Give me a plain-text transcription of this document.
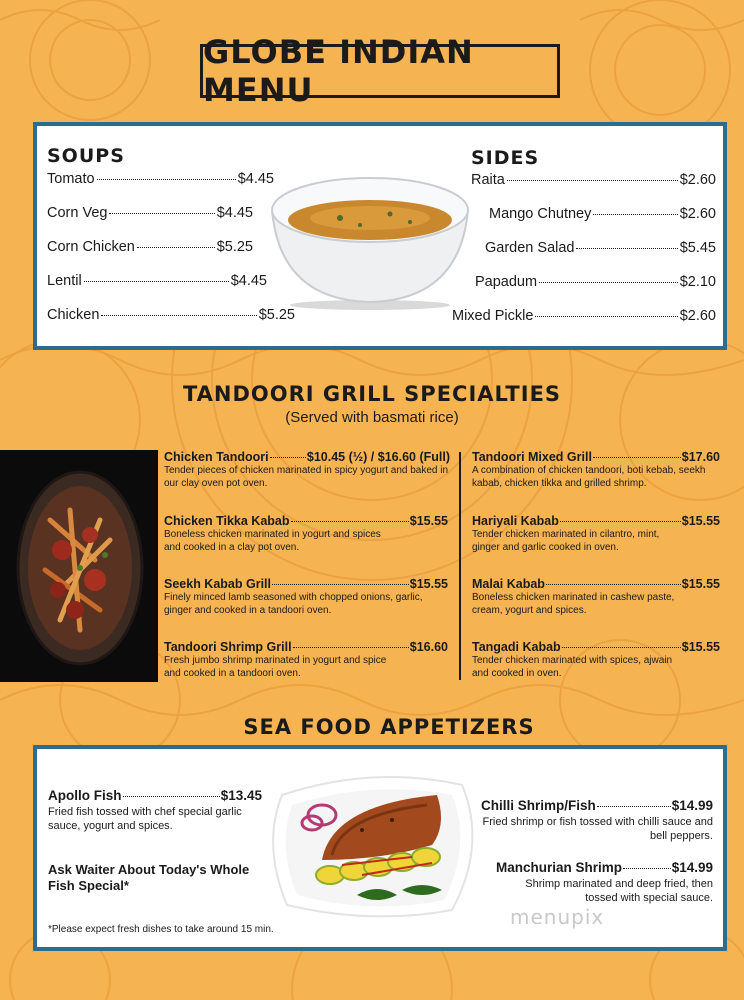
GLOBE INDIAN MENU
SOUPS
Tomato	$4.45
Corn Veg	$4.45
Corn Chicken	$5.25
Lentil	$4.45
Chicken	$5.25
SIDES
Raita	$2.60
Mango Chutney	$2.60
Garden Salad	$5.45
Papadum	$2.10
Mixed Pickle	$2.60
TANDOORI GRILL SPECIALTIES
(Served with basmati rice)
Chicken Tandoori	$10.45 (½) / $16.60 (Full)
Tender pieces of chicken marinated in spicy yogurt and baked in our clay oven pot oven.
Chicken Tikka Kabab	$15.55
Boneless chicken marinated in yogurt and spices and cooked in a clay pot oven.
Seekh Kabab Grill	$15.55
Finely minced lamb seasoned with chopped onions, garlic, ginger and cooked in a tandoori oven.
Tandoori Shrimp Grill	$16.60
Fresh jumbo shrimp marinated in yogurt and spice and cooked in a tandoori oven.
Tandoori Mixed Grill	$17.60
A combination of chicken tandoori, boti kebab, seekh kabab, chicken tikka and grilled shrimp.
Hariyali Kabab	$15.55
Tender chicken marinated in cilantro, mint, ginger and garlic cooked in oven.
Malai Kabab	$15.55
Boneless chicken marinated in cashew paste, cream, yogurt and spices.
Tangadi Kabab	$15.55
Tender chicken marinated with spices, ajwain and cooked in oven.
SEA FOOD APPETIZERS
Apollo Fish	$13.45
Fried fish tossed with chef special garlic sauce, yogurt and spices.
Ask Waiter About Today's Whole Fish Special*
*Please expect fresh dishes to take around 15 min.
Chilli Shrimp/Fish	$14.99
Fried shrimp or fish tossed with chilli sauce and bell peppers.
Manchurian Shrimp	$14.99
Shrimp marinated and deep fried, then tossed with special sauce.
menupix
